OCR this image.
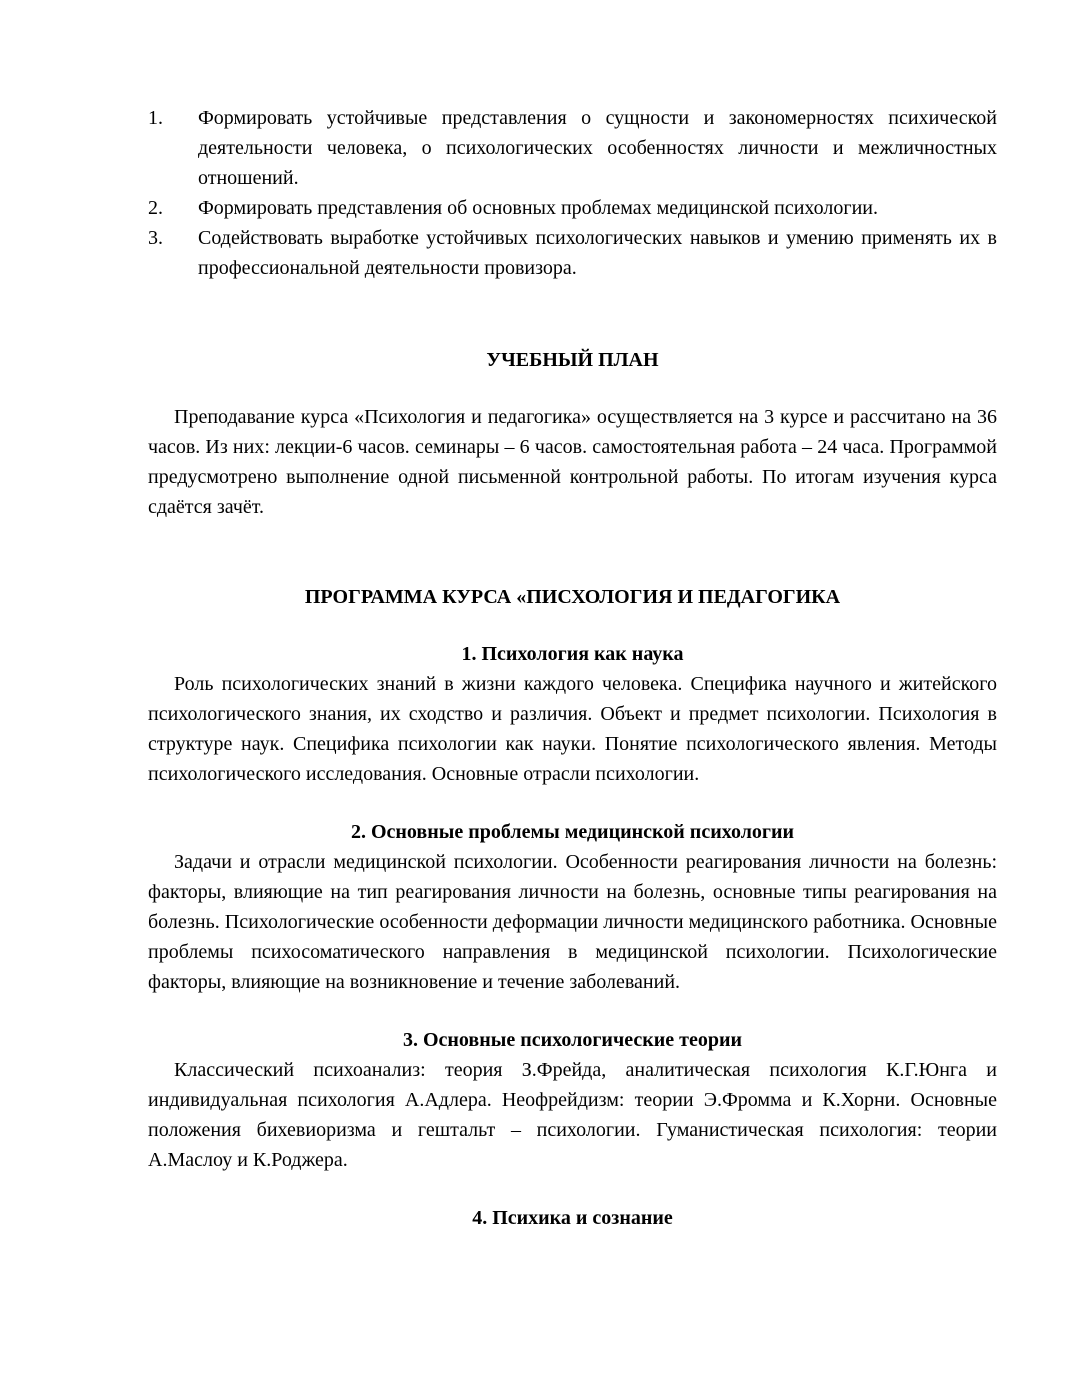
1.	Формировать устойчивые представления о сущности и закономерностях психической деятельности человека, о психологических особенностях личности и межличностных отношений.
2.	Формировать представления об основных проблемах медицинской психологии.
3.	Содействовать выработке устойчивых психологических навыков и умению применять их в профессиональной деятельности провизора.
УЧЕБНЫЙ ПЛАН

Преподавание курса «Психология и педагогика» осуществляется на 3 курсе и рассчитано на 36 часов. Из них: лекции-6 часов. семинары – 6 часов. самостоятельная работа – 24 часа. Программой предусмотрено выполнение одной письменной контрольной работы. По итогам изучения курса сдаётся зачёт.

ПРОГРАММА КУРСА «ПИСХОЛОГИЯ И ПЕДАГОГИКА
1. Психология как наука

Роль психологических знаний в жизни каждого человека. Специфика научного и житейского психологического знания, их сходство и различия. Объект и предмет психологии. Психология в структуре наук. Специфика психологии как науки. Понятие психологического явления. Методы психологического исследования. Основные отрасли психологии.

2. Основные проблемы медицинской психологии

Задачи и отрасли медицинской психологии. Особенности реагирования личности на болезнь: факторы, влияющие на тип реагирования личности на болезнь, основные типы реагирования на болезнь. Психологические особенности деформации личности медицинского работника. Основные проблемы психосоматического направления в медицинской психологии. Психологические факторы, влияющие на возникновение и течение заболеваний.

3. Основные психологические теории

Классический психоанализ: теория З.Фрейда, аналитическая психология К.Г.Юнга и индивидуальная психология А.Адлера. Неофрейдизм: теории Э.Фромма и К.Хорни. Основные положения бихевиоризма и гештальт – психологии. Гуманистическая психология: теории А.Маслоу и К.Роджера.

4. Психика и сознание
